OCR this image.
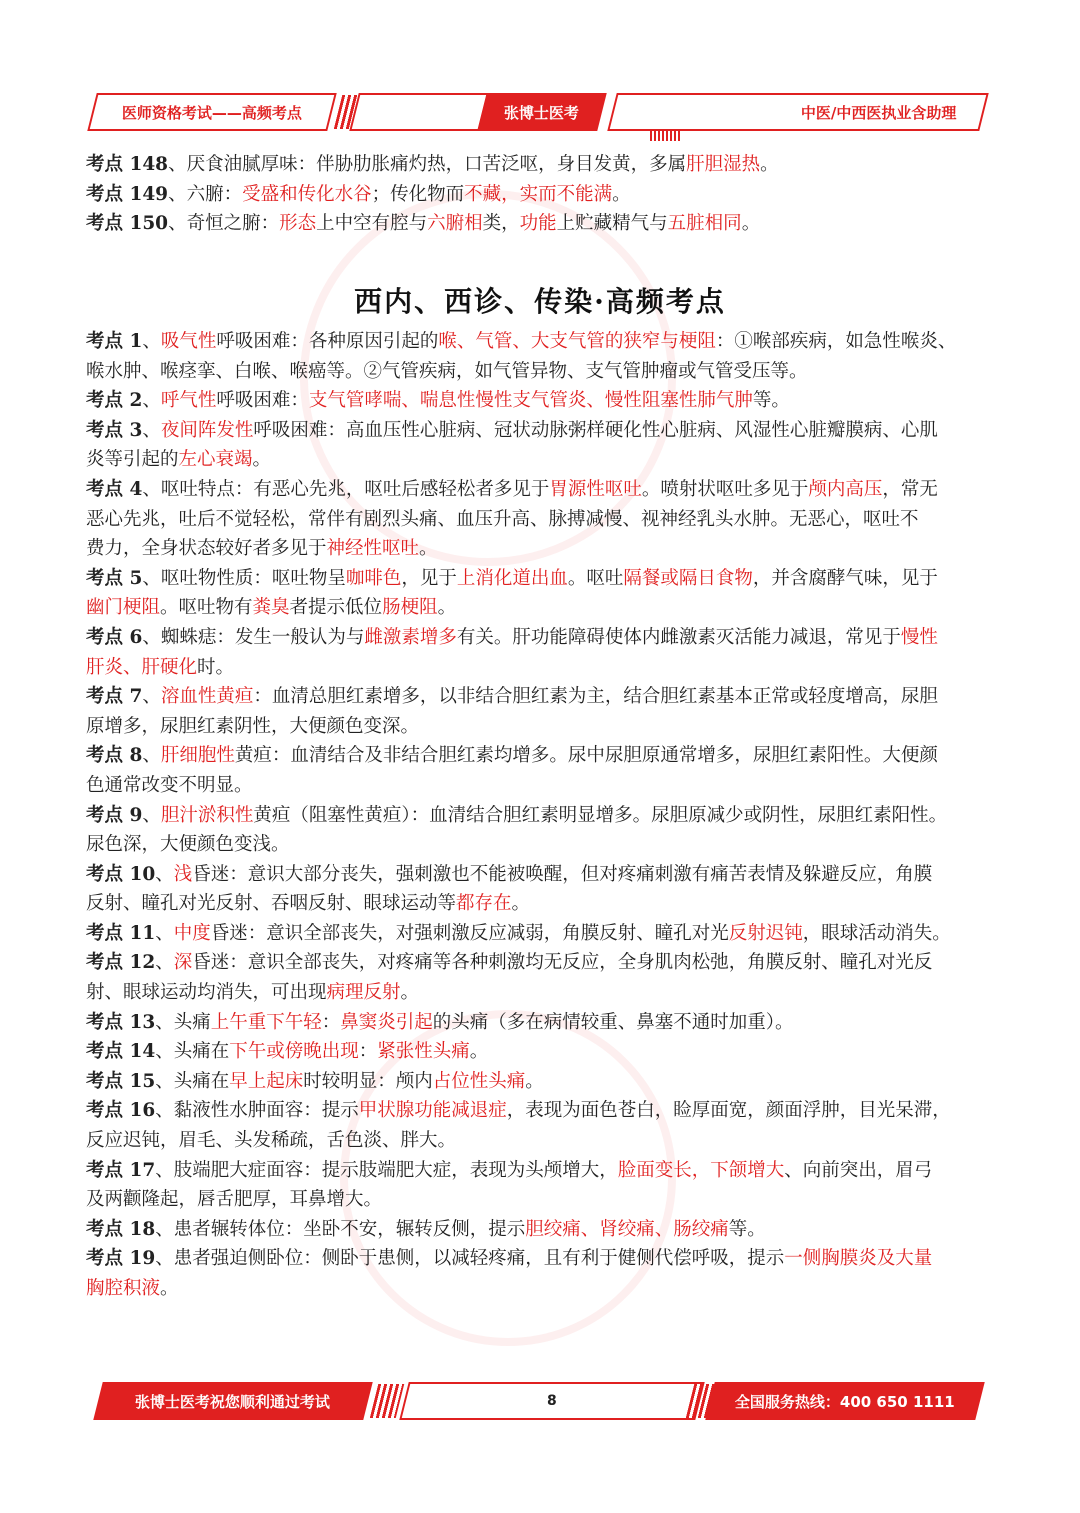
医师资格考试——高频考点	张博士医考	中医/中西医执业含助理
西内、西诊、传染·高频考点

考点 148、厌食油腻厚味：伴胁肋胀痛灼热，口苦泛呕，身目发黄，多属肝胆湿热。

考点 149、六腑：受盛和传化水谷；传化物而不藏，实而不能满。

考点 150、奇恒之腑：形态上中空有腔与六腑相类，功能上贮藏精气与五脏相同。

考点 1、吸气性呼吸困难：各种原因引起的喉、气管、大支气管的狭窄与梗阻：①喉部疾病，如急性喉炎、

喉水肿、喉痉挛、白喉、喉癌等。②气管疾病，如气管异物、支气管肿瘤或气管受压等。

考点 2、呼气性呼吸困难：支气管哮喘、喘息性慢性支气管炎、慢性阻塞性肺气肿等。

考点 3、夜间阵发性呼吸困难：高血压性心脏病、冠状动脉粥样硬化性心脏病、风湿性心脏瓣膜病、心肌

炎等引起的左心衰竭。

考点 4、呕吐特点：有恶心先兆，呕吐后感轻松者多见于胃源性呕吐。喷射状呕吐多见于颅内高压，常无

恶心先兆，吐后不觉轻松，常伴有剧烈头痛、血压升高、脉搏减慢、视神经乳头水肿。无恶心，呕吐不

费力，全身状态较好者多见于神经性呕吐。

考点 5、呕吐物性质：呕吐物呈咖啡色，见于上消化道出血。呕吐隔餐或隔日食物，并含腐酵气味，见于

幽门梗阻。呕吐物有粪臭者提示低位肠梗阻。

考点 6、蜘蛛痣：发生一般认为与雌激素增多有关。肝功能障碍使体内雌激素灭活能力减退，常见于慢性

肝炎、肝硬化时。

考点 7、溶血性黄疸：血清总胆红素增多，以非结合胆红素为主，结合胆红素基本正常或轻度增高，尿胆

原增多，尿胆红素阴性，大便颜色变深。

考点 8、肝细胞性黄疸：血清结合及非结合胆红素均增多。尿中尿胆原通常增多，尿胆红素阳性。大便颜

色通常改变不明显。

考点 9、胆汁淤积性黄疸（阻塞性黄疸）：血清结合胆红素明显增多。尿胆原减少或阴性，尿胆红素阳性。

尿色深，大便颜色变浅。

考点 10、浅昏迷：意识大部分丧失，强刺激也不能被唤醒，但对疼痛刺激有痛苦表情及躲避反应，角膜

反射、瞳孔对光反射、吞咽反射、眼球运动等都存在。

考点 11、中度昏迷：意识全部丧失，对强刺激反应减弱，角膜反射、瞳孔对光反射迟钝，眼球活动消失。

考点 12、深昏迷：意识全部丧失，对疼痛等各种刺激均无反应，全身肌肉松弛，角膜反射、瞳孔对光反

射、眼球运动均消失，可出现病理反射。

考点 13、头痛上午重下午轻：鼻窦炎引起的头痛（多在病情较重、鼻塞不通时加重）。

考点 14、头痛在下午或傍晚出现：紧张性头痛。

考点 15、头痛在早上起床时较明显：颅内占位性头痛。

考点 16、黏液性水肿面容：提示甲状腺功能减退症，表现为面色苍白，睑厚面宽，颜面浮肿，目光呆滞，

反应迟钝，眉毛、头发稀疏，舌色淡、胖大。

考点 17、肢端肥大症面容：提示肢端肥大症，表现为头颅增大，脸面变长，下颌增大、向前突出，眉弓

及两颧隆起，唇舌肥厚，耳鼻增大。

考点 18、患者辗转体位：坐卧不安，辗转反侧，提示胆绞痛、肾绞痛、肠绞痛等。

考点 19、患者强迫侧卧位：侧卧于患侧，以减轻疼痛，且有利于健侧代偿呼吸，提示一侧胸膜炎及大量

胸腔积液。

张博士医考祝您顺利通过考试	8	全国服务热线：400 650 1111
